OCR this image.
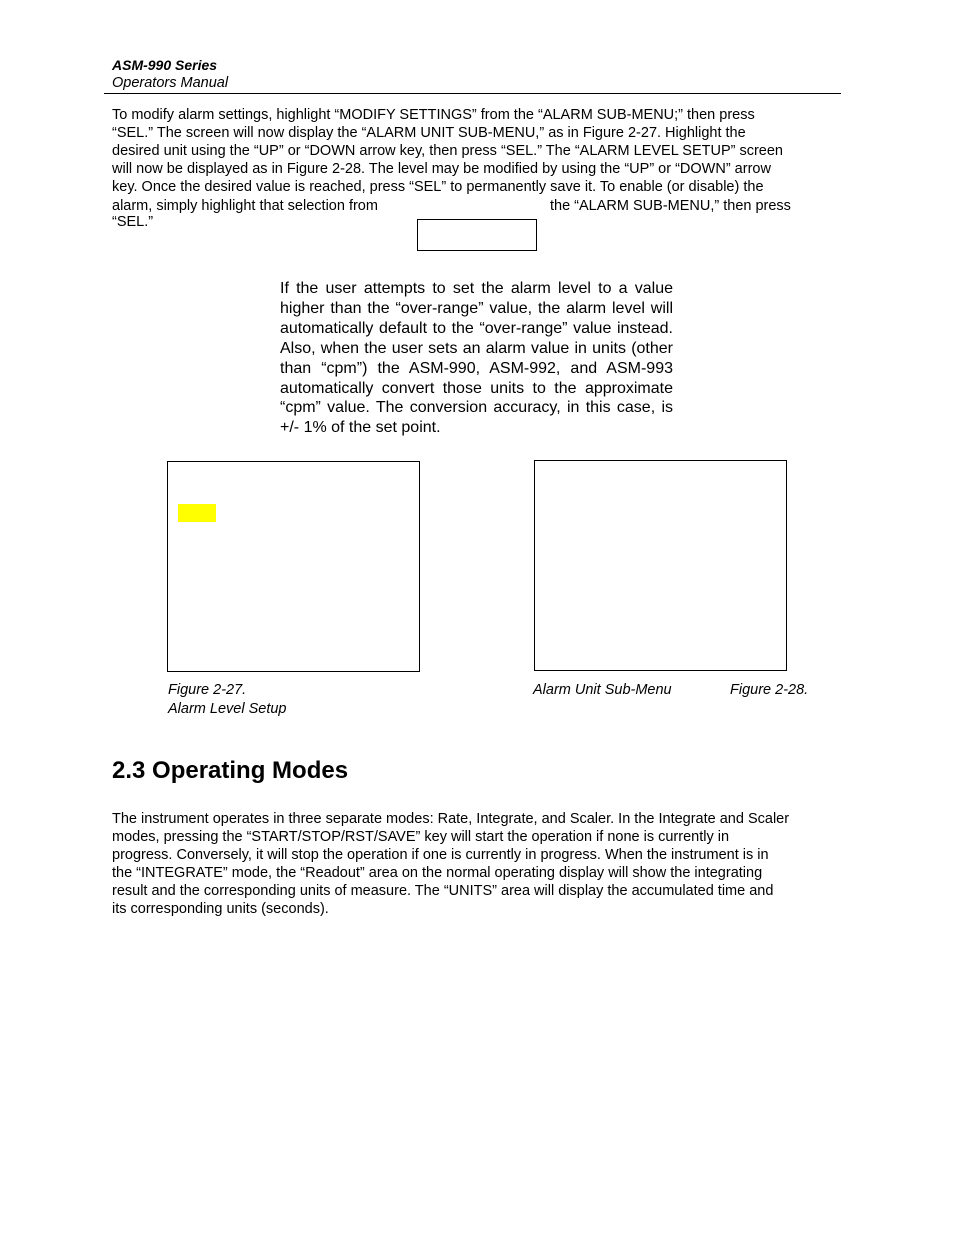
ASM-990 Series
Operators Manual
To modify alarm settings, highlight “MODIFY SETTINGS” from the “ALARM SUB-MENU;” then press
“SEL.” The screen will now display the “ALARM UNIT SUB-MENU,” as in Figure 2-27. Highlight the
desired unit using the “UP” or “DOWN arrow key, then press “SEL.” The “ALARM LEVEL SETUP” screen
will now be displayed as in Figure 2-28. The level may be modified by using the “UP” or “DOWN” arrow
key. Once the desired value is reached, press “SEL” to permanently save it. To enable (or disable) the
alarm, simply highlight that selection from	the “ALARM SUB-MENU,” then press
“SEL.”
If the user attempts to set the alarm level to a value higher than the “over-range” value, the alarm level will automatically default to the “over-range” value instead. Also, when the user sets an alarm value in units (other than “cpm”) the ASM-990, ASM-992, and ASM-993 automatically convert those units to the approximate “cpm” value. The conversion accuracy, in this case, is +/- 1% of the set point.
Figure 2-27.
Alarm Level Setup
Alarm Unit Sub-Menu	Figure 2-28.
2.3 Operating Modes
The instrument operates in three separate modes: Rate, Integrate, and Scaler. In the Integrate and Scaler
modes, pressing the “START/STOP/RST/SAVE” key will start the operation if none is currently in
progress. Conversely, it will stop the operation if one is currently in progress. When the instrument is in
the “INTEGRATE” mode, the “Readout” area on the normal operating display will show the integrating
result and the corresponding units of measure. The “UNITS” area will display the accumulated time and
its corresponding units (seconds).
